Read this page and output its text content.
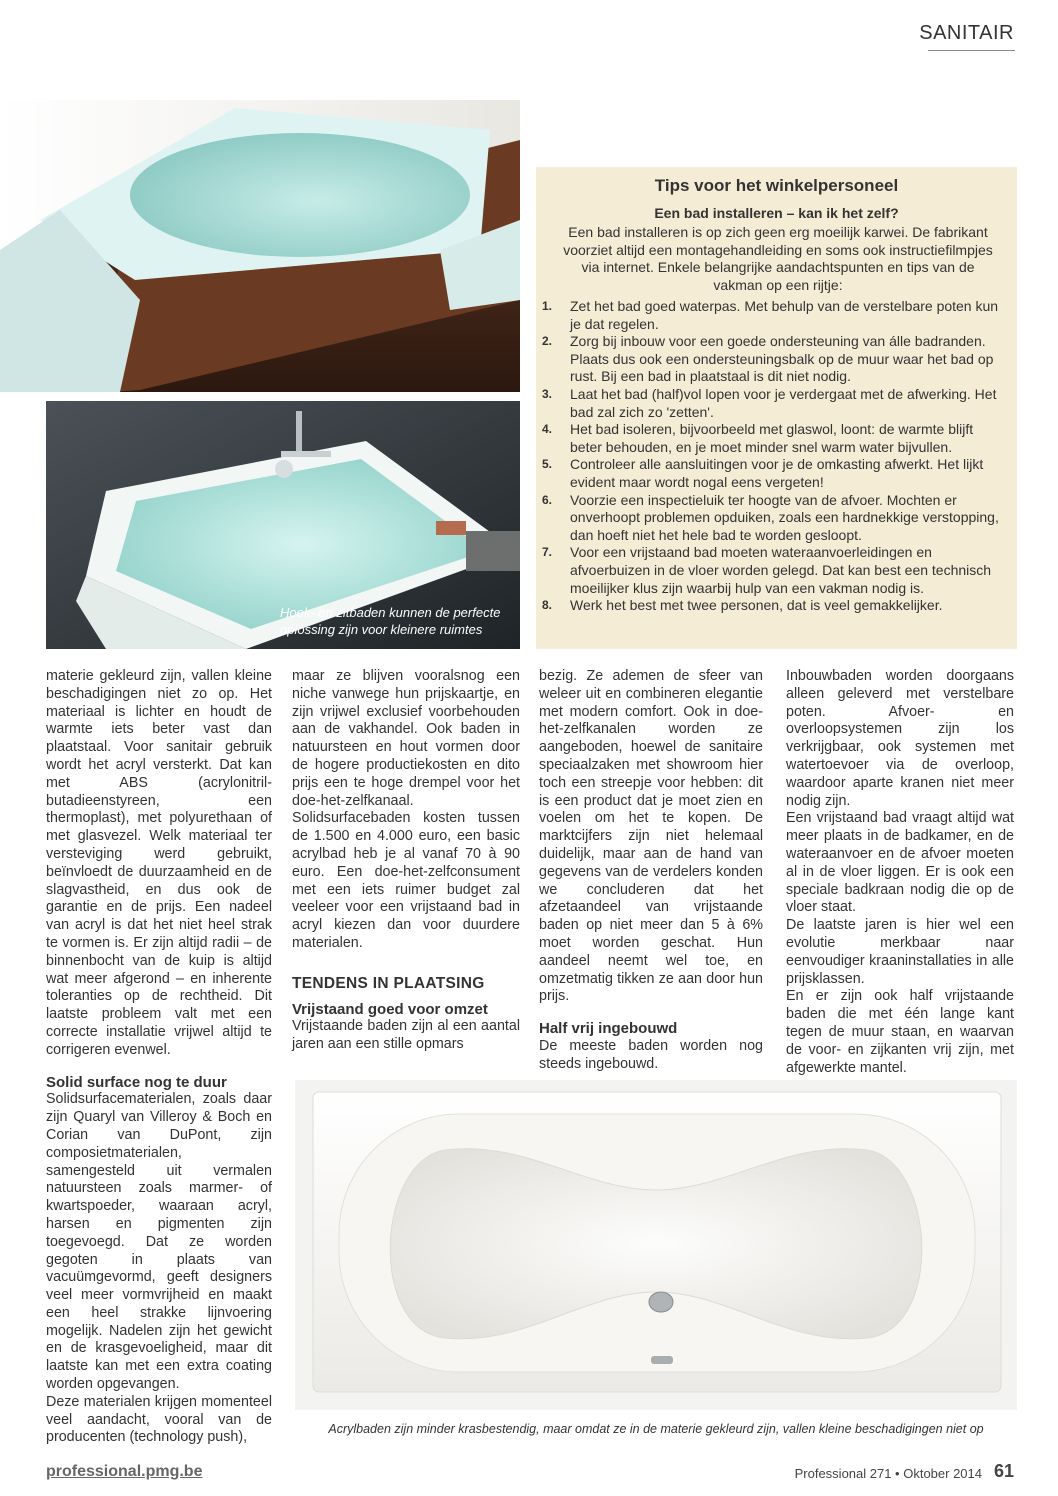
SANITAIR
Hoek- en zitbaden kunnen de perfecte oplossing zijn voor kleinere ruimtes
Tips voor het winkelpersoneel
Een bad installeren – kan ik het zelf?
Een bad installeren is op zich geen erg moeilijk karwei. De fabrikant voorziet altijd een montagehandleiding en soms ook instructiefilmpjes via internet. Enkele belangrijke aandachtspunten en tips van de vakman op een rijtje:
1.	Zet het bad goed waterpas. Met behulp van de verstelbare poten kun je dat regelen.
2.	Zorg bij inbouw voor een goede ondersteuning van álle badranden. Plaats dus ook een ondersteuningsbalk op de muur waar het bad op rust. Bij een bad in plaatstaal is dit niet nodig.
3.	Laat het bad (half)vol lopen voor je verdergaat met de afwerking. Het bad zal zich zo 'zetten'.
4.	Het bad isoleren, bijvoorbeeld met glaswol, loont: de warmte blijft beter behouden, en je moet minder snel warm water bijvullen.
5.	Controleer alle aansluitingen voor je de omkasting afwerkt. Het lijkt evident maar wordt nogal eens vergeten!
6.	Voorzie een inspectieluik ter hoogte van de afvoer. Mochten er onverhoopt problemen opduiken, zoals een hardnekkige verstopping, dan hoeft niet het hele bad te worden gesloopt.
7.	Voor een vrijstaand bad moeten wateraanvoerleidingen en afvoerbuizen in de vloer worden gelegd. Dat kan best een technisch moeilijker klus zijn waarbij hulp van een vakman nodig is.
8.	Werk het best met twee personen, dat is veel gemakkelijker.

materie gekleurd zijn, vallen kleine beschadigingen niet zo op. Het materiaal is lichter en houdt de warmte iets beter vast dan plaatstaal. Voor sanitair gebruik wordt het acryl versterkt. Dat kan met ABS (acrylonitril-butadieenstyreen, een thermoplast), met polyurethaan of met glasvezel. Welk materiaal ter versteviging werd gebruikt, beïnvloedt de duurzaamheid en de slagvastheid, en dus ook de garantie en de prijs. Een nadeel van acryl is dat het niet heel strak te vormen is. Er zijn altijd radii – de binnenbocht van de kuip is altijd wat meer afgerond – en inherente toleranties op de rechtheid. Dit laatste probleem valt met een correcte installatie vrijwel altijd te corrigeren evenwel.

Solid surface nog te duur

Solidsurfacematerialen, zoals daar zijn Quaryl van Villeroy & Boch en Corian van DuPont, zijn composietmaterialen, samengesteld uit vermalen natuursteen zoals marmer- of kwartspoeder, waaraan acryl, harsen en pigmenten zijn toegevoegd. Dat ze worden gegoten in plaats van vacuümgevormd, geeft designers veel meer vormvrijheid en maakt een heel strakke lijnvoering mogelijk. Nadelen zijn het gewicht en de krasgevoeligheid, maar dit laatste kan met een extra coating worden opgevangen.

Deze materialen krijgen momenteel veel aandacht, vooral van de producenten (technology push),

maar ze blijven vooralsnog een niche vanwege hun prijskaartje, en zijn vrijwel exclusief voorbehouden aan de vakhandel. Ook baden in natuursteen en hout vormen door de hogere productiekosten en dito prijs een te hoge drempel voor het doe-het-zelfkanaal. Solidsurfacebaden kosten tussen de 1.500 en 4.000 euro, een basic acrylbad heb je al vanaf 70 à 90 euro. Een doe-het-zelfconsument met een iets ruimer budget zal veeleer voor een vrijstaand bad in acryl kiezen dan voor duurdere materialen.

TENDENS IN PLAATSING

Vrijstaand goed voor omzet

Vrijstaande baden zijn al een aantal jaren aan een stille opmars

bezig. Ze ademen de sfeer van weleer uit en combineren elegantie met modern comfort. Ook in doe-het-zelfkanalen worden ze aangeboden, hoewel de sanitaire speciaalzaken met showroom hier toch een streepje voor hebben: dit is een product dat je moet zien en voelen om het te kopen. De marktcijfers zijn niet helemaal duidelijk, maar aan de hand van gegevens van de verdelers konden we concluderen dat het afzetaandeel van vrijstaande baden op niet meer dan 5 à 6% moet worden geschat. Hun aandeel neemt wel toe, en omzetmatig tikken ze aan door hun prijs.

Half vrij ingebouwd

De meeste baden worden nog steeds ingebouwd.

Inbouwbaden worden doorgaans alleen geleverd met verstelbare poten. Afvoer- en overloopsystemen zijn los verkrijgbaar, ook systemen met watertoevoer via de overloop, waardoor aparte kranen niet meer nodig zijn.

Een vrijstaand bad vraagt altijd wat meer plaats in de badkamer, en de wateraanvoer en de afvoer moeten al in de vloer liggen. Er is ook een speciale badkraan nodig die op de vloer staat.

De laatste jaren is hier wel een evolutie merkbaar naar eenvoudiger kraaninstallaties in alle prijsklassen.

En er zijn ook half vrijstaande baden die met één lange kant tegen de muur staan, en waarvan de voor- en zijkanten vrij zijn, met afgewerkte mantel.

Acrylbaden zijn minder krasbestendig, maar omdat ze in de materie gekleurd zijn, vallen kleine beschadigingen niet op
professional.pmg.be	Professional 271 • Oktober 2014 61
